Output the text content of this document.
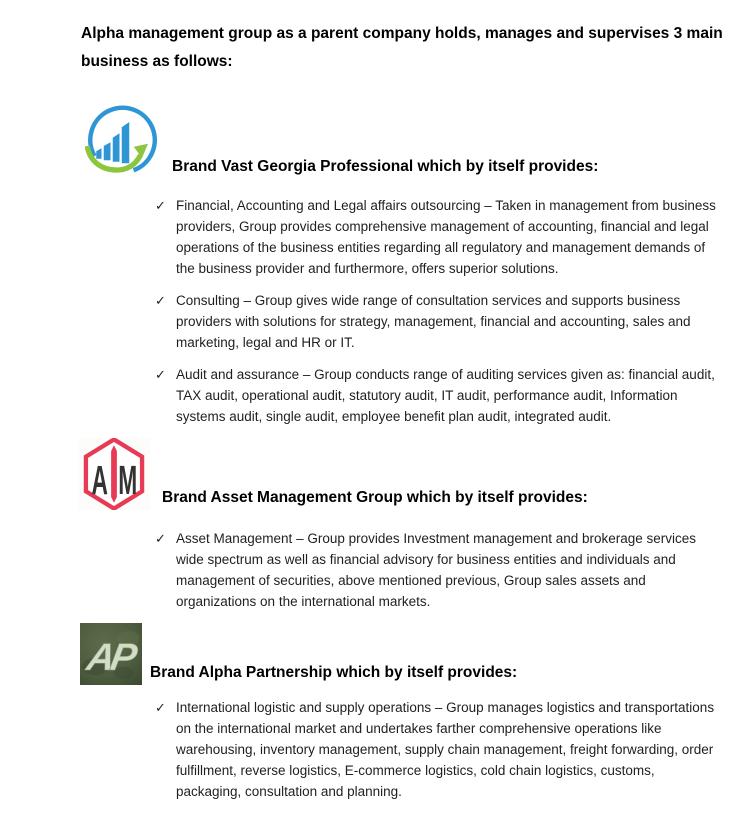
Alpha management group as a parent company holds, manages and supervises 3 main business as follows:

Brand Vast Georgia Professional which by itself provides:
✓ Financial, Accounting and Legal affairs outsourcing – Taken in management from business providers, Group provides comprehensive management of accounting, financial and legal operations of the business entities regarding all regulatory and management demands of the business provider and furthermore, offers superior solutions.

✓ Consulting – Group gives wide range of consultation services and supports business providers with solutions for strategy, management, financial and accounting, sales and marketing, legal and HR or IT.

✓ Audit and assurance – Group conducts range of auditing services given as: financial audit, TAX audit, operational audit, statutory audit, IT audit, performance audit, Information systems audit, single audit, employee benefit plan audit, integrated audit.

A M Brand Asset Management Group which by itself provides:
✓ Asset Management – Group provides Investment management and brokerage services wide spectrum as well as financial advisory for business entities and individuals and management of securities, above mentioned previous, Group sales assets and organizations on the international markets.

AP Brand Alpha Partnership which by itself provides:
✓ International logistic and supply operations – Group manages logistics and transportations on the international market and undertakes farther comprehensive operations like warehousing, inventory management, supply chain management, freight forwarding, order fulfillment, reverse logistics, E-commerce logistics, cold chain logistics, customs, packaging, consultation and planning.
